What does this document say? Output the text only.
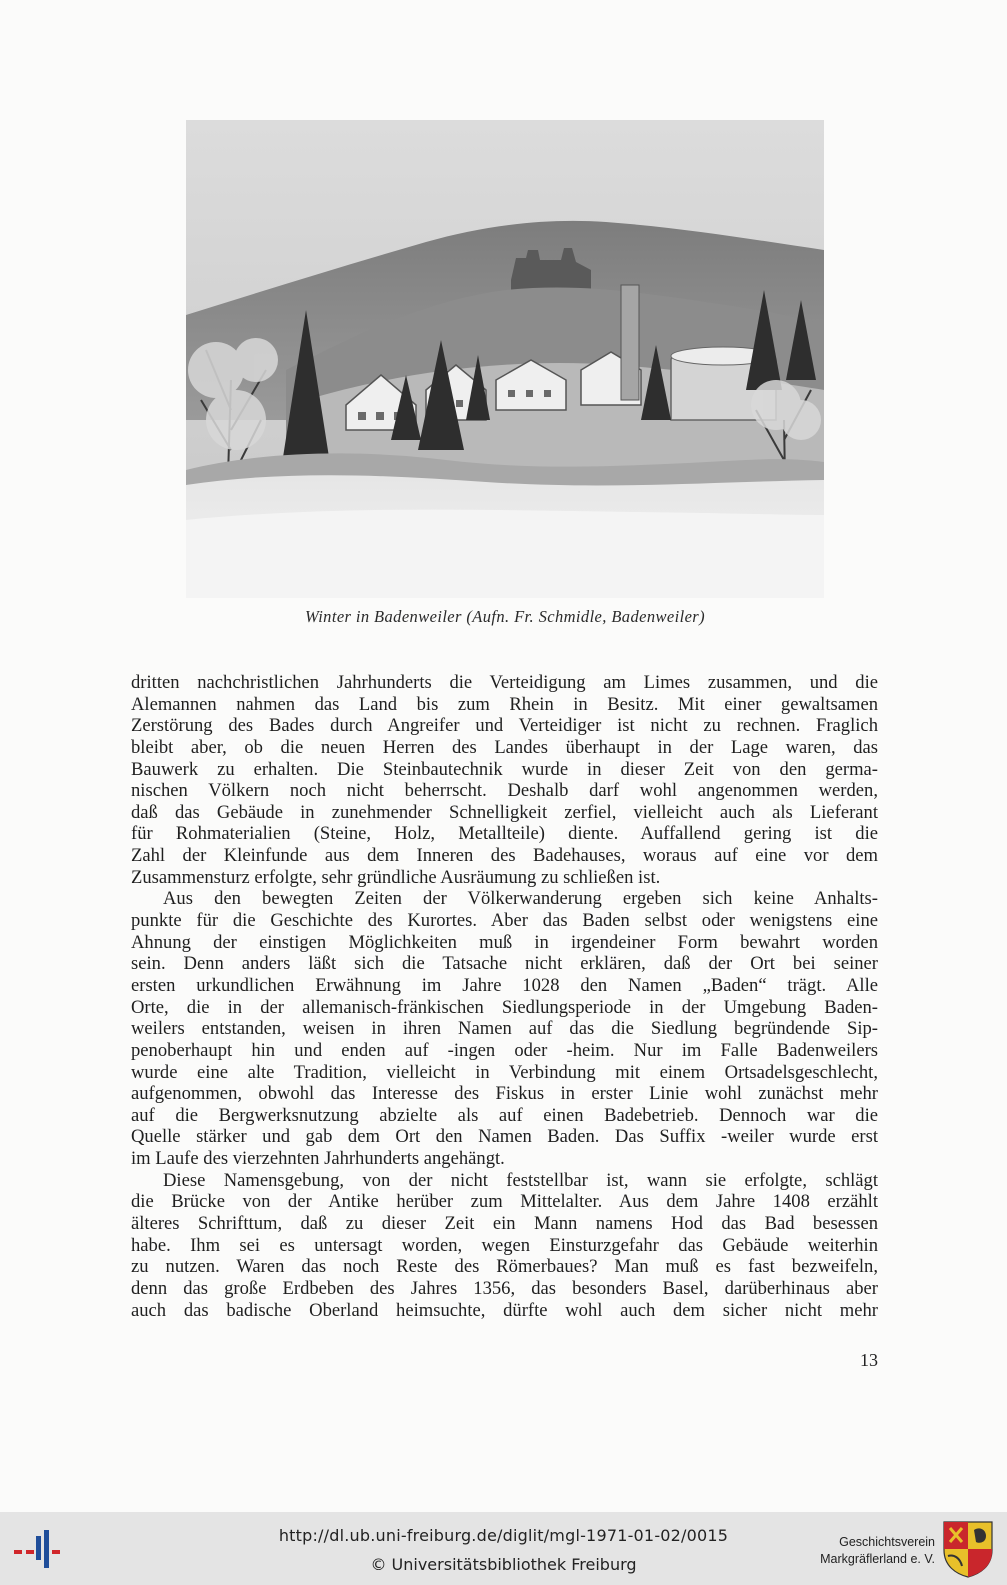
Winter in Badenweiler (Aufn. Fr. Schmidle, Badenweiler)
dritten nachchristlichen Jahrhunderts die Verteidigung am Limes zusammen, und die
Alemannen nahmen das Land bis zum Rhein in Besitz. Mit einer gewaltsamen
Zerstörung des Bades durch Angreifer und Verteidiger ist nicht zu rechnen. Fraglich
bleibt aber, ob die neuen Herren des Landes überhaupt in der Lage waren, das
Bauwerk zu erhalten. Die Steinbautechnik wurde in dieser Zeit von den germa-
nischen Völkern noch nicht beherrscht. Deshalb darf wohl angenommen werden,
daß das Gebäude in zunehmender Schnelligkeit zerfiel, vielleicht auch als Lieferant
für Rohmaterialien (Steine, Holz, Metallteile) diente. Auffallend gering ist die
Zahl der Kleinfunde aus dem Inneren des Badehauses, woraus auf eine vor dem
Zusammensturz erfolgte, sehr gründliche Ausräumung zu schließen ist.
Aus den bewegten Zeiten der Völkerwanderung ergeben sich keine Anhalts-
punkte für die Geschichte des Kurortes. Aber das Baden selbst oder wenigstens eine
Ahnung der einstigen Möglichkeiten muß in irgendeiner Form bewahrt worden
sein. Denn anders läßt sich die Tatsache nicht erklären, daß der Ort bei seiner
ersten urkundlichen Erwähnung im Jahre 1028 den Namen „Baden“ trägt. Alle
Orte, die in der allemanisch-fränkischen Siedlungsperiode in der Umgebung Baden-
weilers entstanden, weisen in ihren Namen auf das die Siedlung begründende Sip-
penoberhaupt hin und enden auf -ingen oder -heim. Nur im Falle Badenweilers
wurde eine alte Tradition, vielleicht in Verbindung mit einem Ortsadelsgeschlecht,
aufgenommen, obwohl das Interesse des Fiskus in erster Linie wohl zunächst mehr
auf die Bergwerksnutzung abzielte als auf einen Badebetrieb. Dennoch war die
Quelle stärker und gab dem Ort den Namen Baden. Das Suffix -weiler wurde erst
im Laufe des vierzehnten Jahrhunderts angehängt.
Diese Namensgebung, von der nicht feststellbar ist, wann sie erfolgte, schlägt
die Brücke von der Antike herüber zum Mittelalter. Aus dem Jahre 1408 erzählt
älteres Schrifttum, daß zu dieser Zeit ein Mann namens Hod das Bad besessen
habe. Ihm sei es untersagt worden, wegen Einsturzgefahr das Gebäude weiterhin
zu nutzen. Waren das noch Reste des Römerbaues? Man muß es fast bezweifeln,
denn das große Erdbeben des Jahres 1356, das besonders Basel, darüberhinaus aber
auch das badische Oberland heimsuchte, dürfte wohl auch dem sicher nicht mehr
13
http://dl.ub.uni-freiburg.de/diglit/mgl-1971-01-02/0015
© Universitätsbibliothek Freiburg
Geschichtsverein
Markgräflerland e. V.
